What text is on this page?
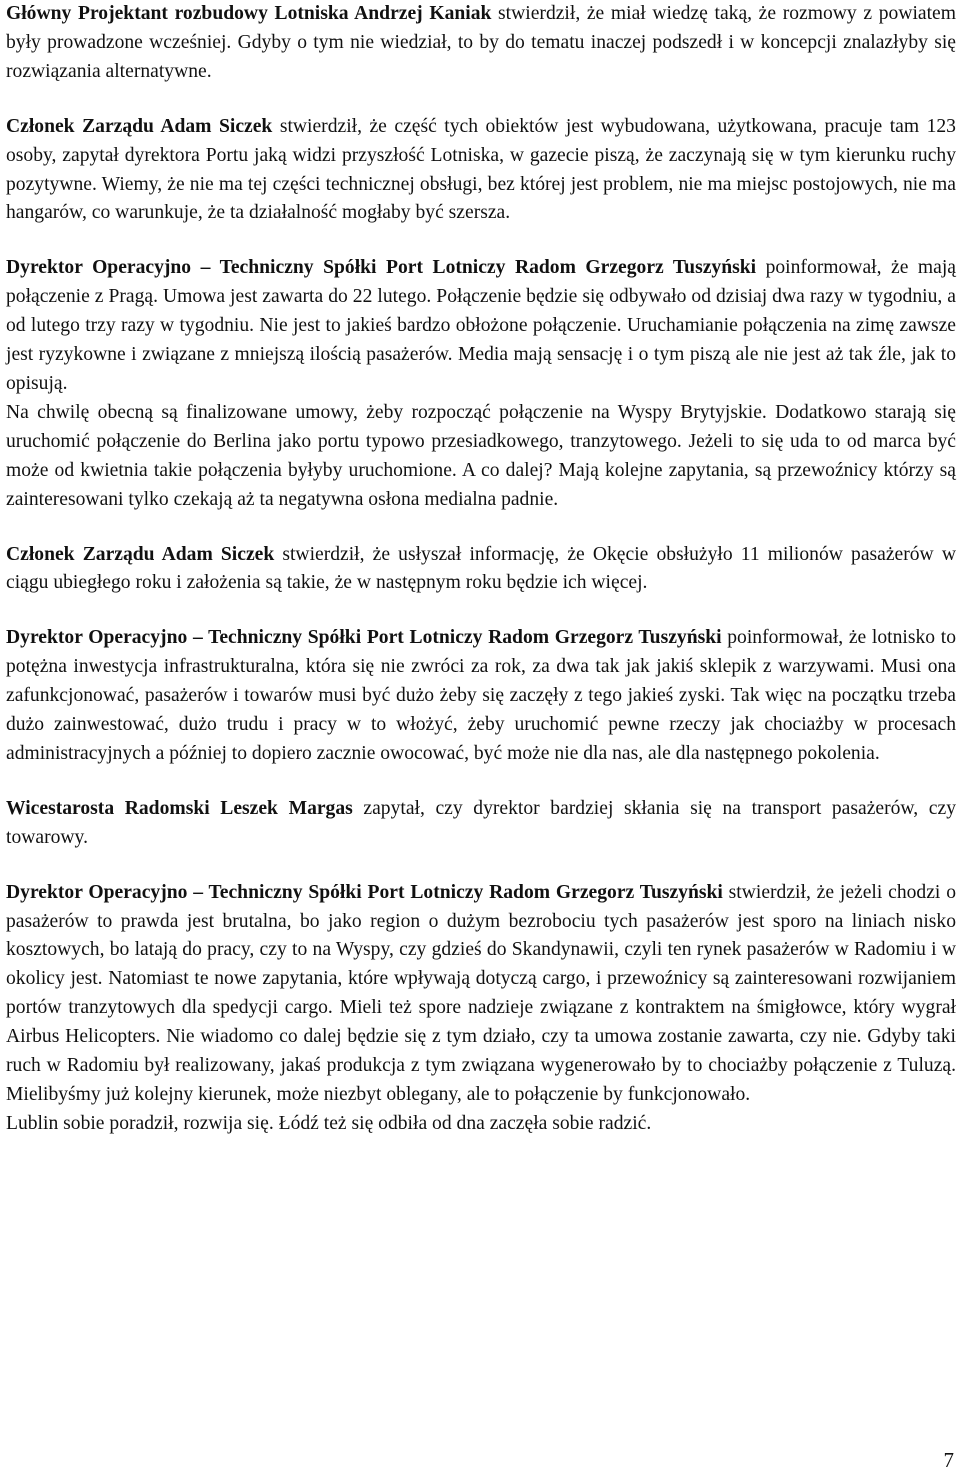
Główny Projektant rozbudowy Lotniska Andrzej Kaniak stwierdził, że miał wiedzę taką, że rozmowy z powiatem były prowadzone wcześniej. Gdyby o tym nie wiedział, to by do tematu inaczej podszedł i w koncepcji znalazłyby się rozwiązania alternatywne.

Członek Zarządu Adam Siczek stwierdził, że część tych obiektów jest wybudowana, użytkowana, pracuje tam 123 osoby, zapytał dyrektora Portu jaką widzi przyszłość Lotniska, w gazecie piszą, że zaczynają się w tym kierunku ruchy pozytywne. Wiemy, że nie ma tej części technicznej obsługi, bez której jest problem, nie ma miejsc postojowych, nie ma hangarów, co warunkuje, że ta działalność mogłaby być szersza.

Dyrektor Operacyjno – Techniczny Spółki Port Lotniczy Radom Grzegorz Tuszyński poinformował, że mają połączenie z Pragą. Umowa jest zawarta do 22 lutego. Połączenie będzie się odbywało od dzisiaj dwa razy w tygodniu, a od lutego trzy razy w tygodniu. Nie jest to jakieś bardzo obłożone połączenie. Uruchamianie połączenia na zimę zawsze jest ryzykowne i związane z mniejszą ilością pasażerów. Media mają sensację i o tym piszą ale nie jest aż tak źle, jak to opisują.

Na chwilę obecną są finalizowane umowy, żeby rozpocząć połączenie na Wyspy Brytyjskie. Dodatkowo starają się uruchomić połączenie do Berlina jako portu typowo przesiadkowego, tranzytowego. Jeżeli to się uda to od marca być może od kwietnia takie połączenia byłyby uruchomione. A co dalej? Mają kolejne zapytania, są przewoźnicy którzy są zainteresowani tylko czekają aż ta negatywna osłona medialna padnie.

Członek Zarządu Adam Siczek stwierdził, że usłyszał informację, że Okęcie obsłużyło 11 milionów pasażerów w ciągu ubiegłego roku i założenia są takie, że w następnym roku będzie ich więcej.

Dyrektor Operacyjno – Techniczny Spółki Port Lotniczy Radom Grzegorz Tuszyński poinformował, że lotnisko to potężna inwestycja infrastrukturalna, która się nie zwróci za rok, za dwa tak jak jakiś sklepik z warzywami. Musi ona zafunkcjonować, pasażerów i towarów musi być dużo żeby się zaczęły z tego jakieś zyski. Tak więc na początku trzeba dużo zainwestować, dużo trudu i pracy w to włożyć, żeby uruchomić pewne rzeczy jak chociażby w procesach administracyjnych a później to dopiero zacznie owocować, być może nie dla nas, ale dla następnego pokolenia.

Wicestarosta Radomski Leszek Margas zapytał, czy dyrektor bardziej skłania się na transport pasażerów, czy towarowy.

Dyrektor Operacyjno – Techniczny Spółki Port Lotniczy Radom Grzegorz Tuszyński stwierdził, że jeżeli chodzi o pasażerów to prawda jest brutalna, bo jako region o dużym bezrobociu tych pasażerów jest sporo na liniach nisko kosztowych, bo latają do pracy, czy to na Wyspy, czy gdzieś do Skandynawii, czyli ten rynek pasażerów w Radomiu i w okolicy jest. Natomiast te nowe zapytania, które wpływają dotyczą cargo, i przewoźnicy są zainteresowani rozwijaniem portów tranzytowych dla spedycji cargo. Mieli też spore nadzieje związane z kontraktem na śmigłowce, który wygrał Airbus Helicopters. Nie wiadomo co dalej będzie się z tym działo, czy ta umowa zostanie zawarta, czy nie. Gdyby taki ruch w Radomiu był realizowany, jakaś produkcja z tym związana wygenerowało by to chociażby połączenie z Tuluzą. Mielibyśmy już kolejny kierunek, może niezbyt oblegany, ale to połączenie by funkcjonowało.

Lublin sobie poradził, rozwija się. Łódź też się odbiła od dna zaczęła sobie radzić.

7
